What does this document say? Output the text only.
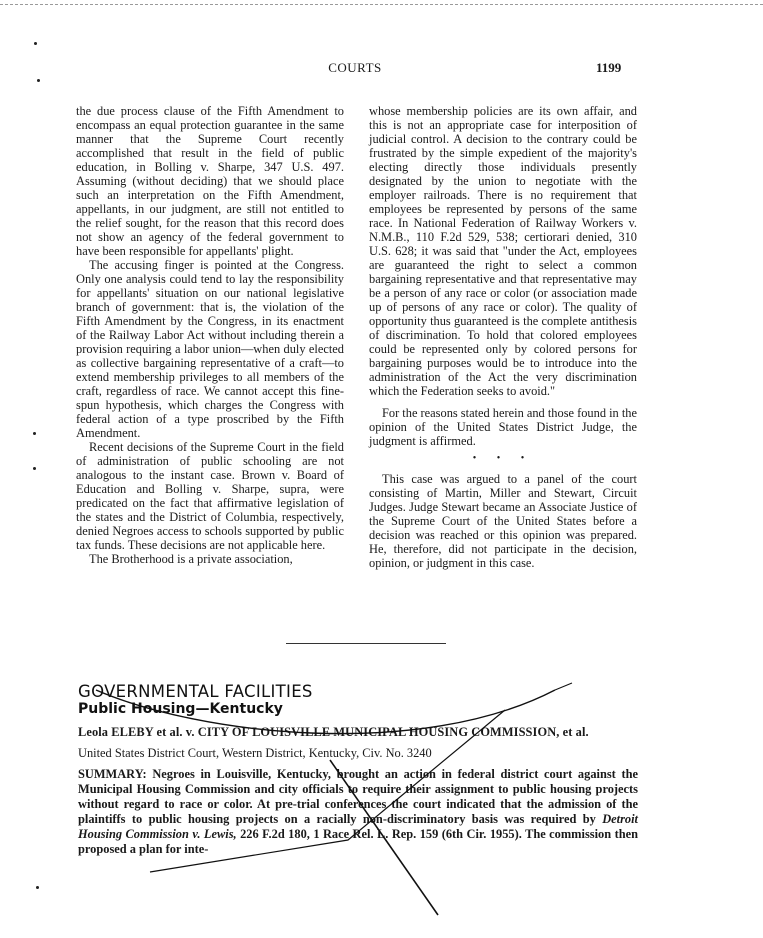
COURTS	1199

the due process clause of the Fifth Amendment to encompass an equal protection guarantee in the same manner that the Supreme Court recently accomplished that result in the field of public education, in Bolling v. Sharpe, 347 U.S. 497. Assuming (without deciding) that we should place such an interpretation on the Fifth Amendment, appellants, in our judgment, are still not entitled to the relief sought, for the reason that this record does not show an agency of the federal government to have been responsible for appellants' plight.

The accusing finger is pointed at the Congress. Only one analysis could tend to lay the responsibility for appellants' situation on our national legislative branch of government: that is, the violation of the Fifth Amendment by the Congress, in its enactment of the Railway Labor Act without including therein a provision requiring a labor union—when duly elected as collective bargaining representative of a craft—to extend membership privileges to all members of the craft, regardless of race. We cannot accept this fine-spun hypothesis, which charges the Congress with federal action of a type proscribed by the Fifth Amendment.

Recent decisions of the Supreme Court in the field of administration of public schooling are not analogous to the instant case. Brown v. Board of Education and Bolling v. Sharpe, supra, were predicated on the fact that affirmative legislation of the states and the District of Columbia, respectively, denied Negroes access to schools supported by public tax funds. These decisions are not applicable here.

The Brotherhood is a private association,

whose membership policies are its own affair, and this is not an appropriate case for interposition of judicial control. A decision to the contrary could be frustrated by the simple expedient of the majority's electing directly those individuals presently designated by the union to negotiate with the employer railroads. There is no requirement that employees be represented by persons of the same race. In National Federation of Railway Workers v. N.M.B., 110 F.2d 529, 538; certiorari denied, 310 U.S. 628; it was said that "under the Act, employees are guaranteed the right to select a common bargaining representative and that representative may be a person of any race or color (or association made up of persons of any race or color). The quality of opportunity thus guaranteed is the complete antithesis of discrimination. To hold that colored employees could be represented only by colored persons for bargaining purposes would be to introduce into the administration of the Act the very discrimination which the Federation seeks to avoid."

For the reasons stated herein and those found in the opinion of the United States District Judge, the judgment is affirmed.

• • •

This case was argued to a panel of the court consisting of Martin, Miller and Stewart, Circuit Judges. Judge Stewart became an Associate Justice of the Supreme Court of the United States before a decision was reached or this opinion was prepared. He, therefore, did not participate in the decision, opinion, or judgment in this case.

GOVERNMENTAL FACILITIES
Public Housing—Kentucky
Leola ELEBY et al. v. CITY OF LOUISVILLE MUNICIPAL HOUSING COMMISSION, et al.
United States District Court, Western District, Kentucky, Civ. No. 3240
SUMMARY: Negroes in Louisville, Kentucky, brought an action in federal district court against the Municipal Housing Commission and city officials to require their assignment to public housing projects without regard to race or color. At pre-trial conferences the court indicated that the admission of the plaintiffs to public housing projects on a racially non-discriminatory basis was required by Detroit Housing Commission v. Lewis, 226 F.2d 180, 1 Race Rel. L. Rep. 159 (6th Cir. 1955). The commission then proposed a plan for inte-
